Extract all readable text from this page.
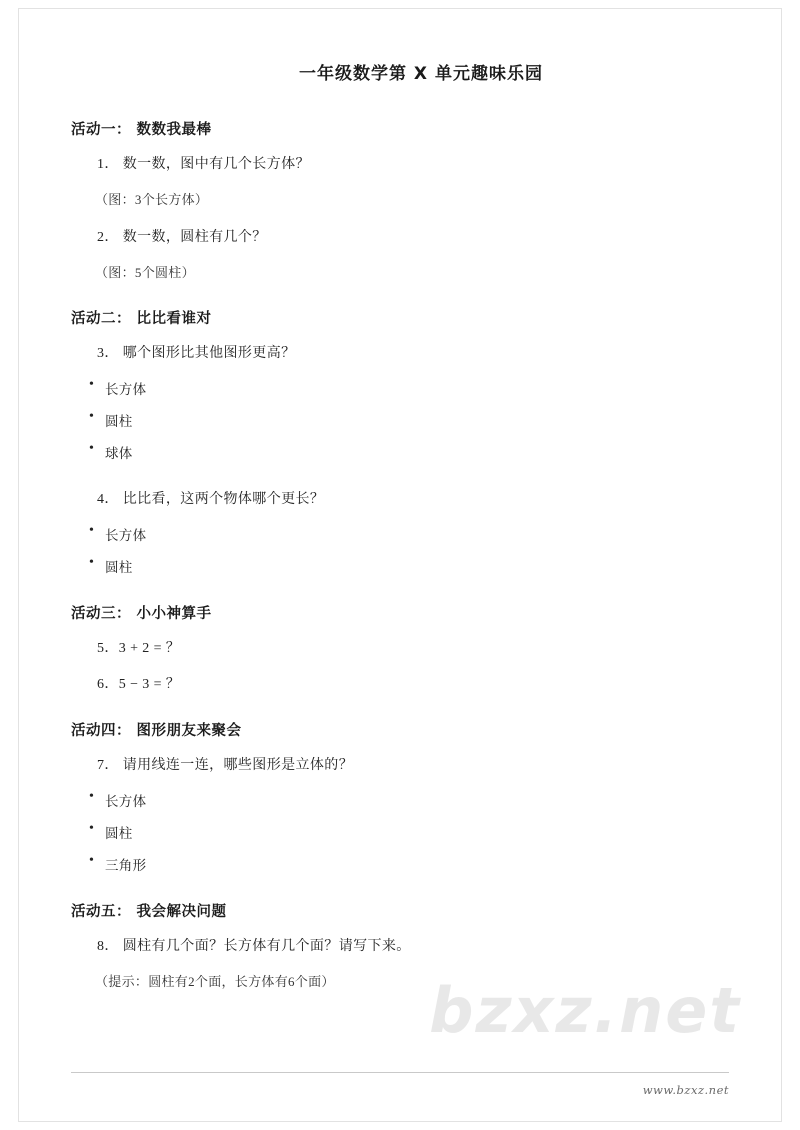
一年级数学第 X 单元趣味乐园
活动一： 数数我最棒

1． 数一数，图中有几个长方体？

（图：3个长方体）

2． 数一数，圆柱有几个？

（图：5个圆柱）

活动二： 比比看谁对

3． 哪个图形比其他图形更高？

• 长方体
• 圆柱
• 球体

4． 比比看，这两个物体哪个更长？

• 长方体
• 圆柱
活动三： 小小神算手

5．3 + 2 = ？

6．5 − 3 = ？

活动四： 图形朋友来聚会

7． 请用线连一连，哪些图形是立体的？

• 长方体
• 圆柱
• 三角形
活动五： 我会解决问题

8． 圆柱有几个面？长方体有几个面？请写下来。

（提示：圆柱有2个面，长方体有6个面）	bzxz.net
www.bzxz.net
